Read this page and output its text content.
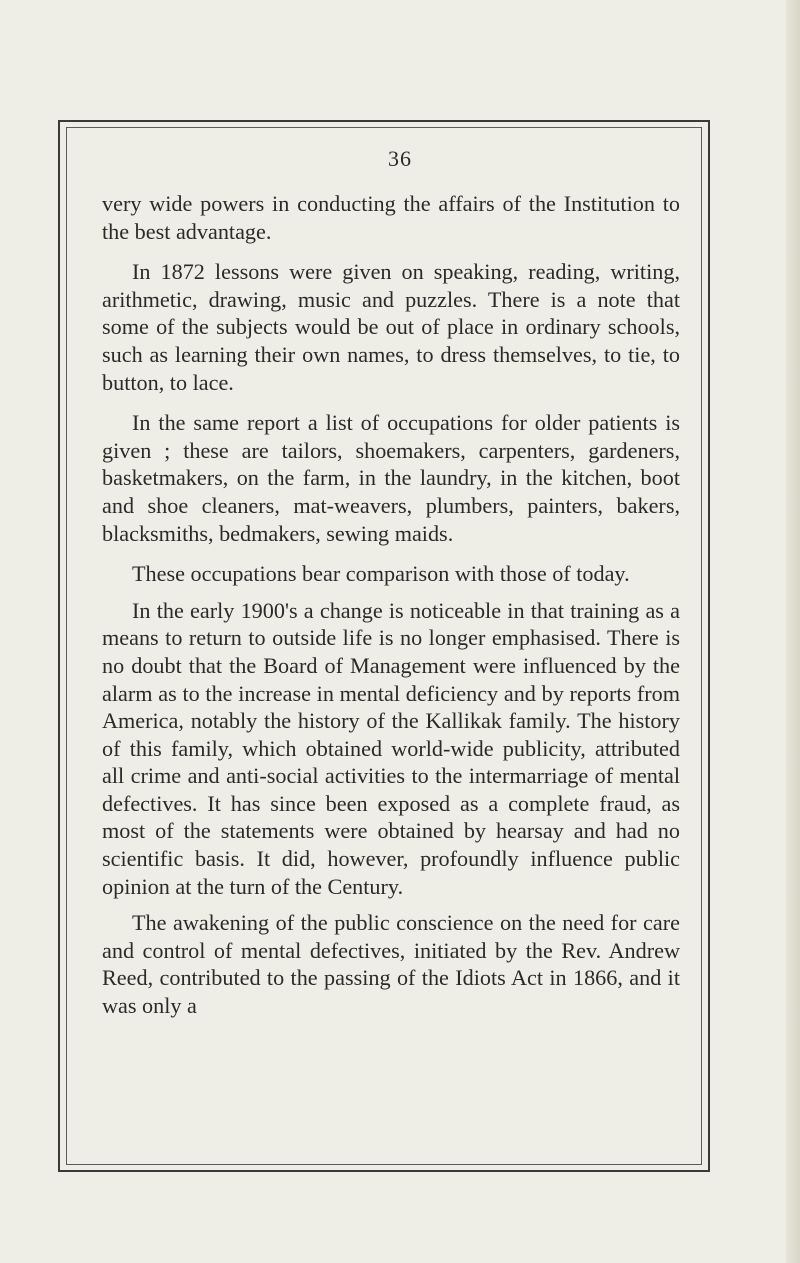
36

very wide powers in conducting the affairs of the Institution to the best advantage.

In 1872 lessons were given on speaking, reading, writing, arithmetic, drawing, music and puzzles. There is a note that some of the subjects would be out of place in ordinary schools, such as learning their own names, to dress themselves, to tie, to button, to lace.

In the same report a list of occupations for older patients is given ; these are tailors, shoemakers, carpenters, gardeners, basketmakers, on the farm, in the laundry, in the kitchen, boot and shoe cleaners, mat-weavers, plumbers, painters, bakers, blacksmiths, bedmakers, sewing maids.

These occupations bear comparison with those of today.

In the early 1900's a change is noticeable in that training as a means to return to outside life is no longer emphasised. There is no doubt that the Board of Management were influenced by the alarm as to the increase in mental deficiency and by reports from America, notably the history of the Kallikak family. The history of this family, which obtained world-wide publicity, attributed all crime and anti-social activities to the intermarriage of mental defectives. It has since been exposed as a complete fraud, as most of the statements were obtained by hearsay and had no scientific basis. It did, however, profoundly influence public opinion at the turn of the Century.

The awakening of the public conscience on the need for care and control of mental defectives, initiated by the Rev. Andrew Reed, contributed to the passing of the Idiots Act in 1866, and it was only a
